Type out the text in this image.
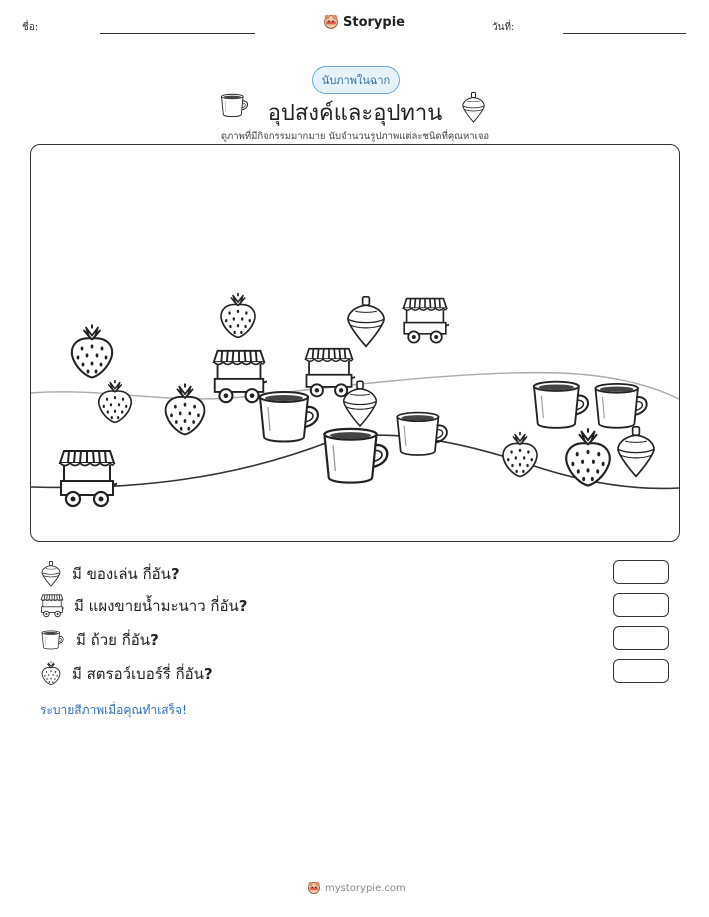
ชื่อ:	Storypie	วันที่:
นับภาพในฉาก
อุปสงค์และอุปทาน
ดูภาพที่มีกิจกรรมมากมาย นับจำนวนรูปภาพแต่ละชนิดที่คุณหาเจอ
มี ของเล่น กี่อัน?
มี แผงขายน้ำมะนาว กี่อัน?
มี ถ้วย กี่อัน?
มี สตรอว์เบอร์รี่ กี่อัน?
ระบายสีภาพเมื่อคุณทำเสร็จ!
mystorypie.com
